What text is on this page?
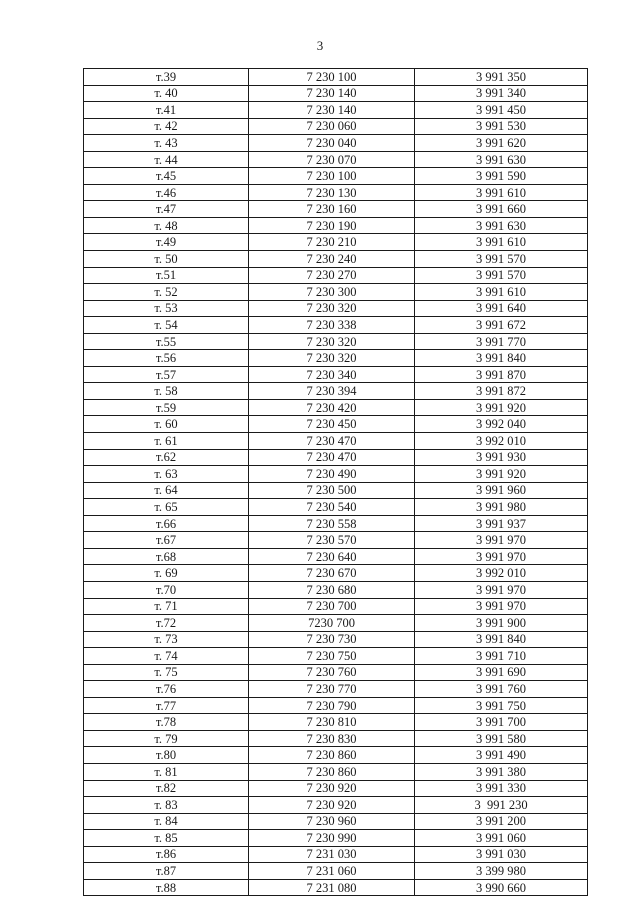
3
т.39	7 230 100	3 991 350
т. 40	7 230 140	3 991 340
т.41	7 230 140	3 991 450
т. 42	7 230 060	3 991 530
т. 43	7 230 040	3 991 620
т. 44	7 230 070	3 991 630
т.45	7 230 100	3 991 590
т.46	7 230 130	3 991 610
т.47	7 230 160	3 991 660
т. 48	7 230 190	3 991 630
т.49	7 230 210	3 991 610
т. 50	7 230 240	3 991 570
т.51	7 230 270	3 991 570
т. 52	7 230 300	3 991 610
т. 53	7 230 320	3 991 640
т. 54	7 230 338	3 991 672
т.55	7 230 320	3 991 770
т.56	7 230 320	3 991 840
т.57	7 230 340	3 991 870
т. 58	7 230 394	3 991 872
т.59	7 230 420	3 991 920
т. 60	7 230 450	3 992 040
т. 61	7 230 470	3 992 010
т.62	7 230 470	3 991 930
т. 63	7 230 490	3 991 920
т. 64	7 230 500	3 991 960
т. 65	7 230 540	3 991 980
т.66	7 230 558	3 991 937
т.67	7 230 570	3 991 970
т.68	7 230 640	3 991 970
т. 69	7 230 670	3 992 010
т.70	7 230 680	3 991 970
т. 71	7 230 700	3 991 970
т.72	7230 700	3 991 900
т. 73	7 230 730	3 991 840
т. 74	7 230 750	3 991 710
т. 75	7 230 760	3 991 690
т.76	7 230 770	3 991 760
т.77	7 230 790	3 991 750
т.78	7 230 810	3 991 700
т. 79	7 230 830	3 991 580
т.80	7 230 860	3 991 490
т. 81	7 230 860	3 991 380
т.82	7 230 920	3 991 330
т. 83	7 230 920	3  991 230
т. 84	7 230 960	3 991 200
т. 85	7 230 990	3 991 060
т.86	7 231 030	3 991 030
т.87	7 231 060	3 399 980
т.88	7 231 080	3 990 660
